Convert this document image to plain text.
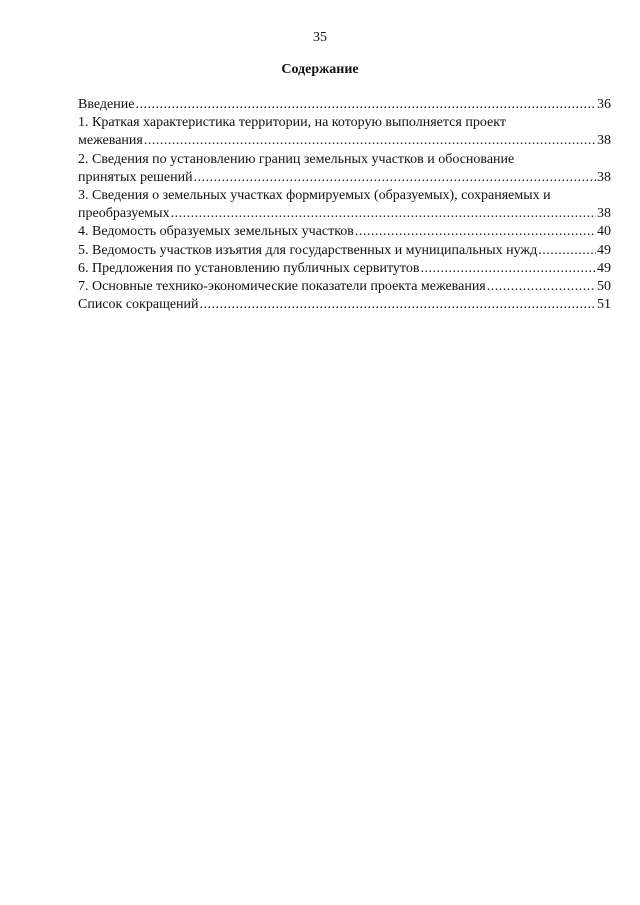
35
Содержание
Введение .....	36
1. Краткая характеристика территории, на которую выполняется проект
межевания .....	38
2. Сведения по установлению границ земельных участков и обоснование
принятых решений .....	38
3. Сведения о земельных участках формируемых (образуемых), сохраняемых и
преобразуемых .....	38
4. Ведомость образуемых земельных участков .....	40
5. Ведомость участков изъятия для государственных и муниципальных нужд .....	49
6. Предложения по установлению публичных сервитутов .....	49
7. Основные технико-экономические показатели проекта межевания .....	50
Список сокращений .....	51
